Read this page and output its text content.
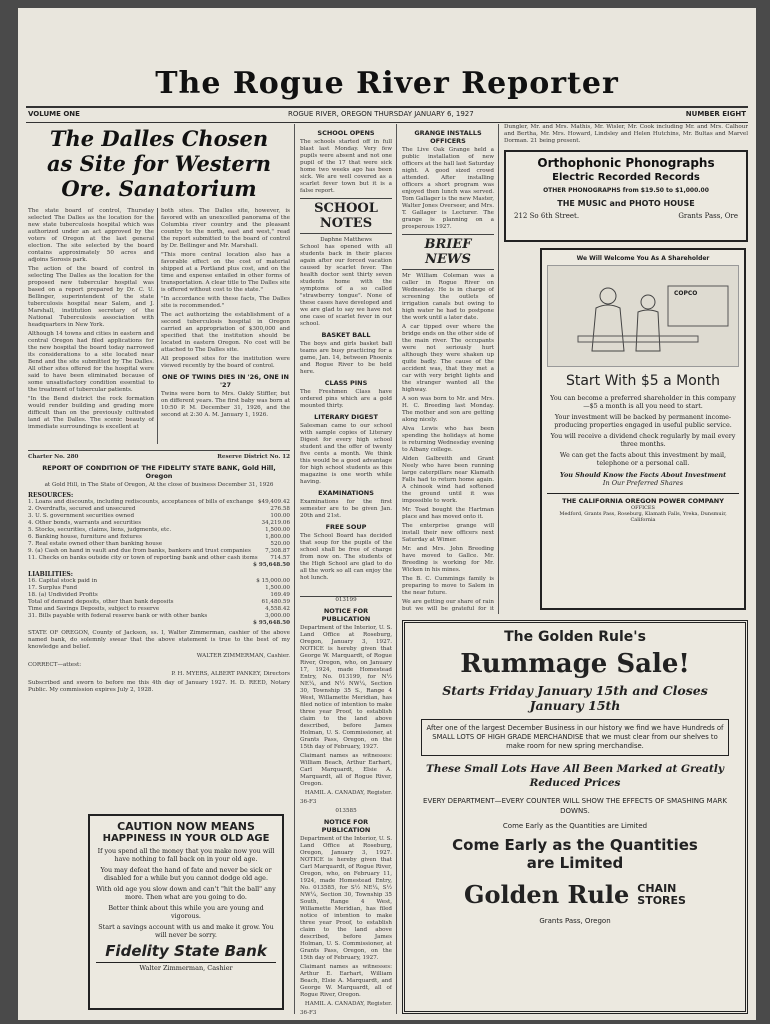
The Rogue River Reporter
VOLUME ONE	ROGUE RIVER, OREGON THURSDAY JANUARY 6, 1927	NUMBER EIGHT
The Dalles Chosen
as Site for Western
Ore. Sanatorium

The state board of control, Thursday selected The Dalles as the location for the new state tuberculosis hospital which was authorized under an act approved by the voters of Oregon at the last general election. The site selected by the board contains approximately 50 acres and adjoins Sorosis park.

The action of the board of control in selecting The Dalles as the location for the proposed new tubercular hospital was based on a report prepared by Dr. C. U. Bellinger, superintendent of the state tuberculosis hospital near Salem, and J. Marshall, institution secretary of the National Tuberculosis association with headquarters in New York.

Although 14 towns and cities in eastern and central Oregon had filed applications for the new hospital the board today narrowed its considerations to a site located near Bend and the site submitted by The Dalles. All other sites offered for the hospital were said to have been eliminated because of some unsatisfactory condition essential to the treatment of tubercular patients.

"In the Bend district the rock formation would render building and grading more difficult than on the previously cultivated land at The Dalles. The scenic beauty of immediate surroundings is excellent at

both sites. The Dalles site, however, is favored with an unexcelled panorama of the Columbia river country and the pleasant country to the north, east and west," read the report submitted to the board of control by Dr. Bellinger and Mr. Marshall.

"This more central location also has a favorable effect on the cost of material shipped at a Portland plus cost, and on the time and expense entailed in other forms of transportation. A clear title to The Dalles site is offered without cost to the state."

"In accordance with these facts, The Dalles site is recommended."

The act authorizing the establishment of a second tuberculosis hospital in Oregon carried an appropriation of $300,000 and specified that the institution should be located in eastern Oregon. No cost will be attached to The Dalles site.

All proposed sites for the institution were viewed recently by the board of control.

ONE OF TWINS DIES IN '26, ONE IN '27

Twins were born to Mrs. Oakly Stiffler, but on different years. The first baby was born at 10:50 P. M. December 31, 1926, and the second at 2:30 A. M. January 1, 1926.

Charter No. 280	Reserve District No. 12
REPORT OF CONDITION OF THE FIDELITY STATE BANK, Gold Hill, Oregon

at Gold Hill, in The State of Oregon, At the close of business December 31, 1926

RESOURCES:
1. Loans and discounts, including rediscounts, acceptances of bills of exchange $49,409.42
2. Overdrafts, secured and unsecured	276.58
3. U. S. government securities owned	100.00
4. Other bonds, warrants and securities	34,219.06
5. Stocks, securities, claims, liens, judgments, etc.	1,500.00
6. Banking house, furniture and fixtures	1,800.00
7. Real estate owned other than banking house	520.00
9. (a) Cash on hand in vault and due from banks, bankers and trust companies	7,308.87
11. Checks on banks outside city or town of reporting bank and other cash items	714.57
$ 95,648.50
LIABILITIES:
16. Capital stock paid in	$ 15,000.00
17. Surplus Fund	1,500.00
18. (a) Undivided Profits	169.49
Total of demand deposits, other than bank deposits	61,480.59
Time and Savings Deposits, subject to reserve	4,558.42
31. Bills payable with federal reserve bank or with other banks	3,000.00
$ 95,648.50

STATE OF OREGON, County of Jackson, ss. I, Walter Zimmerman, cashier of the above named bank, do solemnly swear that the above statement is true to the best of my knowledge and belief.

WALTER ZIMMERMAN, Cashier.

CORRECT—attest:

P. H. MYERS, ALBERT PANKEY, Directors

Subscribed and sworn to before me this 4th day of January 1927. H. D. REED, Notary Public. My commission expires July 2, 1928.

CAUTION NOW MEANS
HAPPINESS IN YOUR OLD AGE

If you spend all the money that you make now you will have nothing to fall back on in your old age.

You may defeat the hand of fate and never be sick or disabled for a while but you cannot dodge old age.

With old age you slow down and can't "hit the ball" any more. Then what are you going to do.

Better think about this while you are young and vigorous.

Start a savings account with us and make it grow. You will never be sorry.

Fidelity State Bank
Walter Zimmerman, Cashier
SCHOOL OPENS

The schools started off in full blast last Monday. Very few pupils were absent and not one pupil of the 17 that were sick home two weeks ago has been sick. We are well covered as a scarlet fever town but it is a false report.

SCHOOL NOTES

Daphne Matthews

School has opened with all students back in their places again after our forced vacation caused by scarlet fever. The health doctor sent thirty seven students home with the symptoms of a so called "strawberry tongue". None of these cases have developed and we are glad to say we have not one case of scarlet fever in our school.

BASKET BALL

The boys and girls basket ball teams are busy practicing for a game, Jan. 14, between Phoenix and Rogue River to be held here.

CLASS PINS

The Freshmen Class have ordered pins which are a gold mounted thirty.

LITERARY DIGEST

Salesman came to our school with sample copies of Literary Digest for every high school student and the offer of twenty five cents a month. We think this would be a good advantage for high school students as this magazine is one worth while having.

EXAMINATIONS

Examinations for the first semester are to be given Jan. 20th and 21st.

FREE SOUP

The School Board has decided that soup for the pupils of the school shall be free of charge from now on. The students of the High School are glad to do all the work so all can enjoy the hot lunch.

013199

NOTICE FOR PUBLICATION

Department of the Interior, U. S. Land Office at Roseburg, Oregon, January 3, 1927. NOTICE is hereby given that George W. Marquardt, of Rogue River, Oregon, who, on January 17, 1924, made Homestead Entry, No. 013199, for N½ NE¼, and N½ NW¼, Section 30, Township 35 S., Range 4 West, Willamette Meridian, has filed notice of intention to make three year Proof, to establish claim to the land above described, before James Holman, U. S. Commissioner, at Grants Pass, Oregon, on the 15th day of February, 1927.

Claimant names as witnesses: William Beach, Arthur Earhart, Carl Marquardt, Elsie A. Marquardt, all of Rogue River, Oregon.

HAMIL A. CANADAY, Register.

36-F3

013585

NOTICE FOR PUBLICATION

Department of the Interior, U. S. Land Office at Roseburg, Oregon, January 3, 1927. NOTICE is hereby given that Carl Marquardt, of Rogue River, Oregon, who, on February 11, 1924, made Homestead Entry, No. 013585, for S½ NE¼, S½ NW¼, Section 30, Township 35 South, Range 4 West, Willamette Meridian, has filed notice of intention to make three year Proof, to establish claim to the land above described, before James Holman, U. S. Commissioner, at Grants Pass, Oregon, on the 15th day of February, 1927.

Claimant names as witnesses: Arthur E. Earhart, William Beach, Elsie A. Marquardt, and George W. Marquardt, all of Rogue River, Oregon.

HAMIL A. CANADAY, Register.

36-F3

GRANGE INSTALLS OFFICERS

The Live Oak Grange held a public installation of new officers at the hall last Saturday night. A good sized crowd attended. After installing officers a short program was enjoyed then lunch was served. Tom Gallager is the new Master, Walter Jones Overseer, and Mrs. T. Gallager is Lecturer. The grange is planning on a prosperous 1927.

BRIEF NEWS

Mr William Coleman was a caller in Rogue River on Wednesday. He is in charge of screening the outlets of irrigation canals but owing to high water he had to postpone the work until a later date.

A car tipped over where the bridge ends on the other side of the main river. The occupants were not seriously hurt although they were shaken up quite badly. The cause of the accident was, that they met a car with very bright lights and the stranger wanted all the highway.

A son was born to Mr. and Mrs. H. C. Breeding last Monday. The mother and son are getting along nicely.

Alva Lewis who has been spending the holidays at home is returning Wednesday evening to Albany college.

Alden Galbreith and Grant Neely who have been running large caterpillars near Klamath Falls had to return home again. A chinook wind had softened the ground until it was impossible to work.

Mr. Toad bought the Hartman place and has moved onto it.

The enterprise grange will install their new officers next Saturday at Wimer.

Mr. and Mrs. John Breeding have moved to Gallce. Mr. Breeding is working for Mr. Wicken in his mines.

The B. C. Cummings family is preparing to move to Salem in the near future.

We are getting our share of rain but we will be grateful for it

Dungler, Mr. and Mrs. Mathis, Mr. Wisler, Mr. Cook including Mr. and Mrs. Calhour and Bertha, Mr. Mrs. Howard, Lindsley and Helen Hutchins, Mr. Bultas and Marvel Dorman. 21 being present.

Orthophonic Phonographs
Electric Recorded Records
OTHER PHONOGRAPHS from $19.50 to $1,000.00
THE MUSIC and PHOTO HOUSE
212 So 6th Street.	Grants Pass, Ore
We Will Welcome You As A Shareholder
COPCO
Start With $5 a Month

You can become a preferred shareholder in this company—$5 a month is all you need to start.

Your investment will be backed by permanent income-producing properties engaged in useful public service.

You will receive a dividend check regularly by mail every three months.

We can get the facts about this investment by mail, telephone or a personal call.

You Should Know the Facts About Investment
In Our Preferred Shares
THE CALIFORNIA OREGON POWER COMPANY
OFFICES
Medford, Grants Pass, Roseburg, Klamath Falls, Yreka, Dunsmuir, California
The Golden Rule's
Rummage Sale!
Starts Friday January 15th and Closes
January 15th
After one of the largest December Business in our history we find we have Hundreds of SMALL LOTS OF HIGH GRADE MERCHANDISE that we must clear from our shelves to make room for new spring merchandise.
These Small Lots Have All Been Marked at Greatly Reduced Prices
EVERY DEPARTMENT—EVERY COUNTER WILL SHOW THE EFFECTS OF SMASHING MARK DOWNS.
Come Early as the Quantities are Limited
Come Early as the Quantities
are Limited
Golden Rule CHAIN
STORES
Grants Pass, Oregon
